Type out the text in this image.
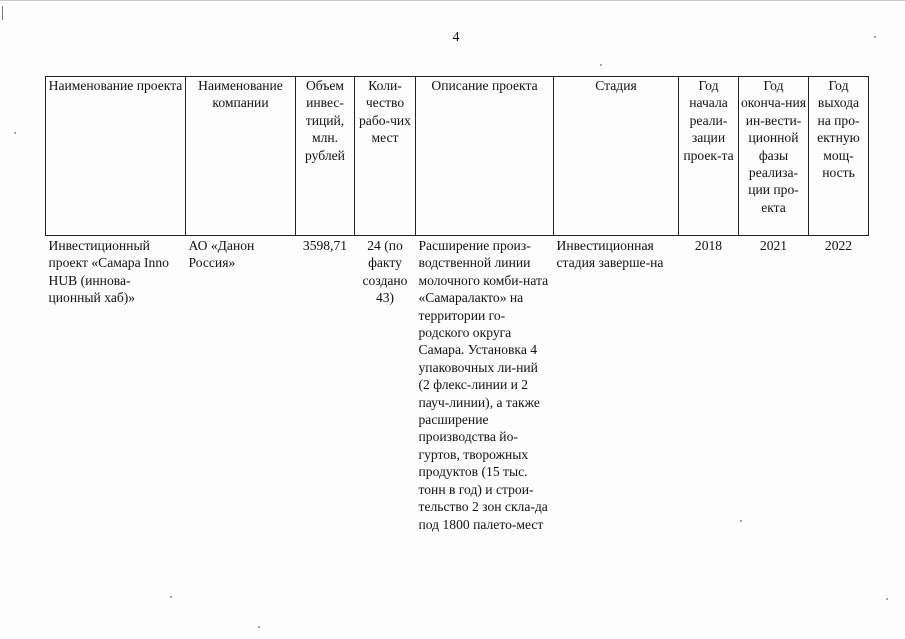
4
Наименование проекта	Наименование компании	Объем инвес-тиций, млн. рублей	Коли-чество рабо-чих мест	Описание проекта	Стадия	Год начала реали-зации проек-та	Год оконча-ния ин-вести-ционной фазы реализа-ции про-екта	Год выхода на про-ектную мощ-ность
Инвестиционный проект «Самара Inno HUB (иннова-ционный хаб)»	АО «Данон Россия»	3598,71	24 (по факту создано 43)	Расширение произ-водственной линии молочного комби-ната «Самаралакто» на территории го-родского округа Самара. Установка 4 упаковочных ли-ний (2 флекс-линии и 2 пауч-линии), а также расширение производства йо-гуртов, творожных продуктов (15 тыс. тонн в год) и строи-тельство 2 зон скла-да под 1800 палето-мест	Инвестиционная стадия заверше-на	2018	2021	2022
